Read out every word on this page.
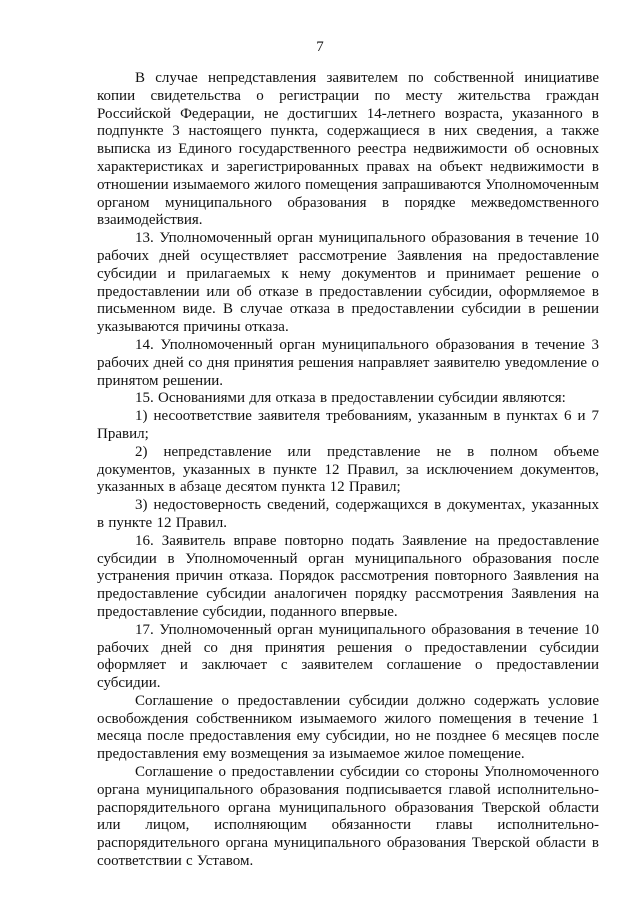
7

В случае непредставления заявителем по собственной инициативе копии свидетельства о регистрации по месту жительства граждан Российской Федерации, не достигших 14-летнего возраста, указанного в подпункте 3 настоящего пункта, содержащиеся в них сведения, а также выписка из Единого государственного реестра недвижимости об основных характеристиках и зарегистрированных правах на объект недвижимости в отношении изымаемого жилого помещения запрашиваются Уполномоченным органом муниципального образования в порядке межведомственного взаимодействия.

13. Уполномоченный орган муниципального образования в течение 10 рабочих дней осуществляет рассмотрение Заявления на предоставление субсидии и прилагаемых к нему документов и принимает решение о предоставлении или об отказе в предоставлении субсидии, оформляемое в письменном виде. В случае отказа в предоставлении субсидии в решении указываются причины отказа.

14. Уполномоченный орган муниципального образования в течение 3 рабочих дней со дня принятия решения направляет заявителю уведомление о принятом решении.

15. Основаниями для отказа в предоставлении субсидии являются:

1) несоответствие заявителя требованиям, указанным в пунктах 6 и 7 Правил;

2) непредставление или представление не в полном объеме документов, указанных в пункте 12 Правил, за исключением документов, указанных в абзаце десятом пункта 12 Правил;

3) недостоверность сведений, содержащихся в документах, указанных в пункте 12 Правил.

16. Заявитель вправе повторно подать Заявление на предоставление субсидии в Уполномоченный орган муниципального образования после устранения причин отказа. Порядок рассмотрения повторного Заявления на предоставление субсидии аналогичен порядку рассмотрения Заявления на предоставление субсидии, поданного впервые.

17. Уполномоченный орган муниципального образования в течение 10 рабочих дней со дня принятия решения о предоставлении субсидии оформляет и заключает с заявителем соглашение о предоставлении субсидии.

Соглашение о предоставлении субсидии должно содержать условие освобождения собственником изымаемого жилого помещения в течение 1 месяца после предоставления ему субсидии, но не позднее 6 месяцев после предоставления ему возмещения за изымаемое жилое помещение.

Соглашение о предоставлении субсидии со стороны Уполномоченного органа муниципального образования подписывается главой исполнительно-распорядительного органа муниципального образования Тверской области или лицом, исполняющим обязанности главы исполнительно-распорядительного органа муниципального образования Тверской области в соответствии с Уставом.
